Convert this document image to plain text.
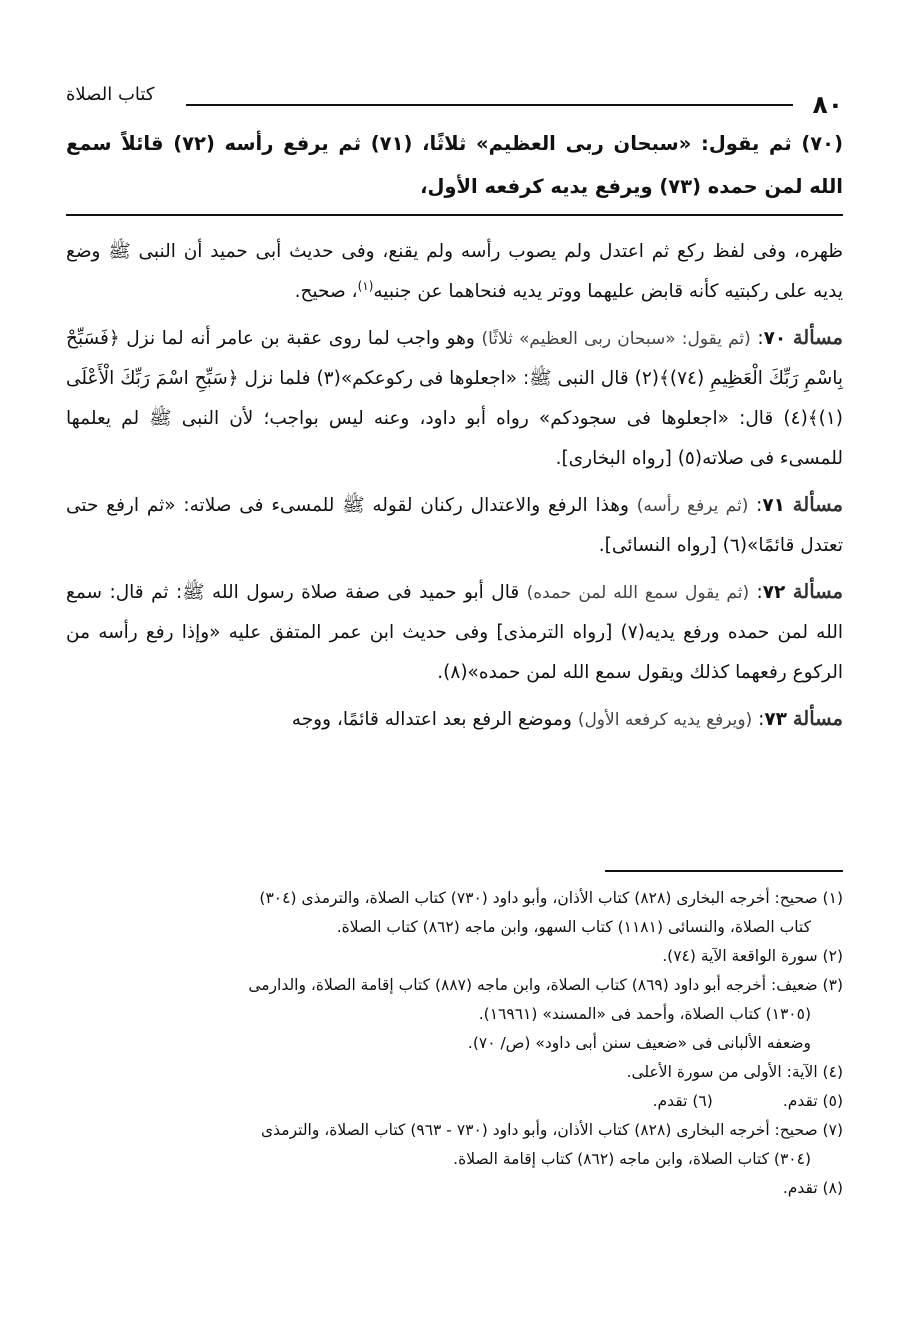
٨٠
كتاب الصلاة
(٧٠) ثم يقول: «سبحان ربى العظيم» ثلاثًا، (٧١) ثم يرفع رأسه (٧٢) قائلاً سمع الله لمن حمده (٧٣) ويرفع يديه كرفعه الأول،

ظهره، وفى لفظ ركع ثم اعتدل ولم يصوب رأسه ولم يقنع، وفى حديث أبى حميد أن النبى ﷺ وضع يديه على ركبتيه كأنه قابض عليهما ووتر يديه فنحاهما عن جنبيه$^{(١)}$، صحيح.

مسألة ٧٠: (ثم يقول: «سبحان ربى العظيم» ثلاثًا) وهو واجب لما روى عقبة بن عامر أنه لما نزل ﴿فَسَبِّحْ بِاسْمِ رَبِّكَ الْعَظِيمِ (٧٤)﴾(٢) قال النبى ﷺ: «اجعلوها فى ركوعكم»(٣) فلما نزل ﴿سَبِّحِ اسْمَ رَبِّكَ الْأَعْلَى (١)﴾(٤) قال: «اجعلوها فى سجودكم» رواه أبو داود، وعنه ليس بواجب؛ لأن النبى ﷺ لم يعلمها للمسىء فى صلاته(٥) [رواه البخارى].

مسألة ٧١: (ثم يرفع رأسه) وهذا الرفع والاعتدال ركنان لقوله ﷺ للمسىء فى صلاته: «ثم ارفع حتى تعتدل قائمًا»(٦) [رواه النسائى].

مسألة ٧٢: (ثم يقول سمع الله لمن حمده) قال أبو حميد فى صفة صلاة رسول الله ﷺ: ثم قال: سمع الله لمن حمده ورفع يديه(٧) [رواه الترمذى] وفى حديث ابن عمر المتفق عليه «وإذا رفع رأسه من الركوع رفعهما كذلك ويقول سمع الله لمن حمده»(٨).

مسألة ٧٣: (ويرفع يديه كرفعه الأول) وموضع الرفع بعد اعتداله قائمًا، ووجه

(١) صحيح: أخرجه البخارى (٨٢٨) كتاب الأذان، وأبو داود (٧٣٠) كتاب الصلاة، والترمذى (٣٠٤)

كتاب الصلاة، والنسائى (١١٨١) كتاب السهو، وابن ماجه (٨٦٢) كتاب الصلاة.

(٢) سورة الواقعة الآية (٧٤).

(٣) ضعيف: أخرجه أبو داود (٨٦٩) كتاب الصلاة، وابن ماجه (٨٨٧) كتاب إقامة الصلاة، والدارمى

(١٣٠٥) كتاب الصلاة، وأحمد فى «المسند» (١٦٩٦١).

وضعفه الألبانى فى «ضعيف سنن أبى داود» (ص/ ٧٠).

(٤) الآية: الأولى من سورة الأعلى.

(٥) تقدم.
(٦) تقدم.

(٧) صحيح: أخرجه البخارى (٨٢٨) كتاب الأذان، وأبو داود (٧٣٠ - ٩٦٣) كتاب الصلاة، والترمذى

(٣٠٤) كتاب الصلاة، وابن ماجه (٨٦٢) كتاب إقامة الصلاة.

(٨) تقدم.
